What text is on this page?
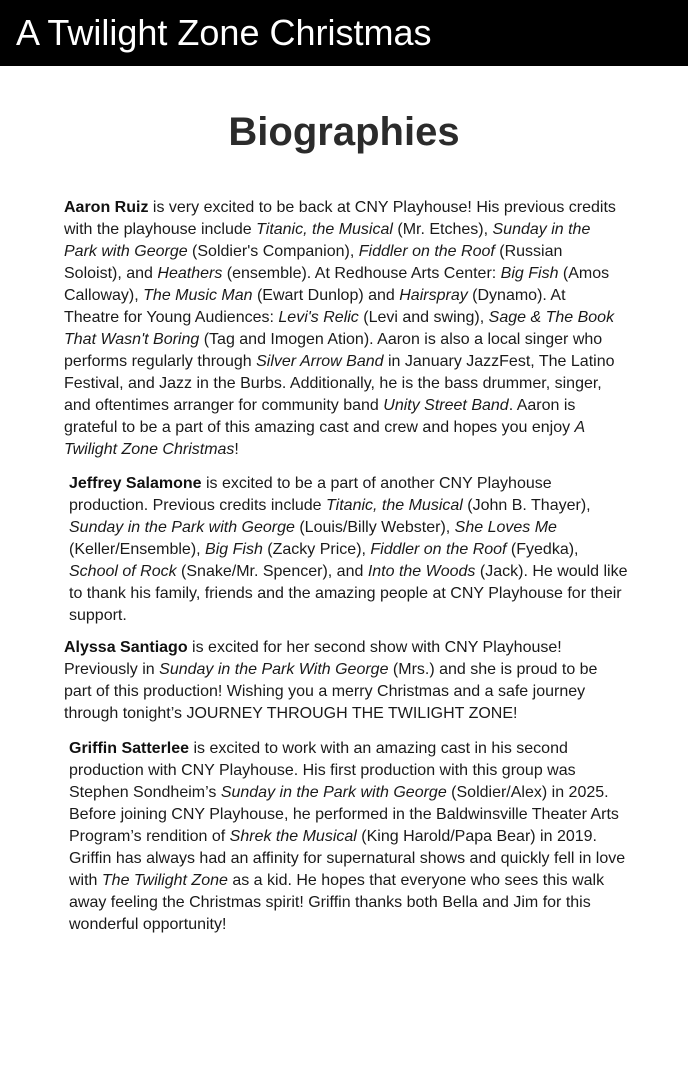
A Twilight Zone Christmas
Biographies

Aaron Ruiz is very excited to be back at CNY Playhouse! His previous credits with the playhouse include Titanic, the Musical (Mr. Etches), Sunday in the Park with George (Soldier's Companion), Fiddler on the Roof (Russian Soloist), and Heathers (ensemble). At Redhouse Arts Center: Big Fish (Amos Calloway), The Music Man (Ewart Dunlop) and Hairspray (Dynamo). At Theatre for Young Audiences: Levi's Relic (Levi and swing), Sage & The Book That Wasn't Boring (Tag and Imogen Ation). Aaron is also a local singer who performs regularly through Silver Arrow Band in January JazzFest, The Latino Festival, and Jazz in the Burbs. Additionally, he is the bass drummer, singer, and oftentimes arranger for community band Unity Street Band. Aaron is grateful to be a part of this amazing cast and crew and hopes you enjoy A Twilight Zone Christmas!

Jeffrey Salamone is excited to be a part of another CNY Playhouse production. Previous credits include Titanic, the Musical (John B. Thayer), Sunday in the Park with George (Louis/Billy Webster), She Loves Me (Keller/Ensemble), Big Fish (Zacky Price), Fiddler on the Roof (Fyedka), School of Rock (Snake/Mr. Spencer), and Into the Woods (Jack). He would like to thank his family, friends and the amazing people at CNY Playhouse for their support.

Alyssa Santiago is excited for her second show with CNY Playhouse! Previously in Sunday in the Park With George (Mrs.) and she is proud to be part of this production! Wishing you a merry Christmas and a safe journey through tonight’s JOURNEY THROUGH THE TWILIGHT ZONE!

Griffin Satterlee is excited to work with an amazing cast in his second production with CNY Playhouse. His first production with this group was Stephen Sondheim’s Sunday in the Park with George (Soldier/Alex) in 2025. Before joining CNY Playhouse, he performed in the Baldwinsville Theater Arts Program’s rendition of Shrek the Musical (King Harold/Papa Bear) in 2019. Griffin has always had an affinity for supernatural shows and quickly fell in love with The Twilight Zone as a kid. He hopes that everyone who sees this walk away feeling the Christmas spirit! Griffin thanks both Bella and Jim for this wonderful opportunity!
